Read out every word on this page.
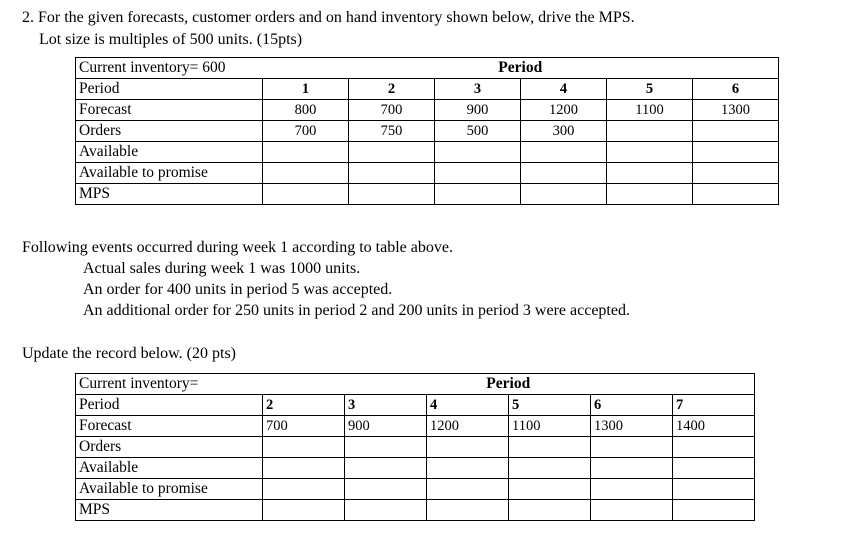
2. For the given forecasts, customer orders and on hand inventory shown below, drive the MPS.
Lot size is multiples of 500 units. (15pts)
Current inventory= 600	Period					
Period	1	2	3	4	5	6
Forecast	800	700	900	1200	1100	1300
Orders	700	750	500	300		
Available						
Available to promise						
MPS						
Following events occurred during week 1 according to table above.
Actual sales during week 1 was 1000 units.
An order for 400 units in period 5 was accepted.
An additional order for 250 units in period 2 and 200 units in period 3 were accepted.
Update the record below. (20 pts)
Current inventory=	Period					
Period	2	3	4	5	6	7
Forecast	700	900	1200	1100	1300	1400
Orders						
Available						
Available to promise						
MPS						
